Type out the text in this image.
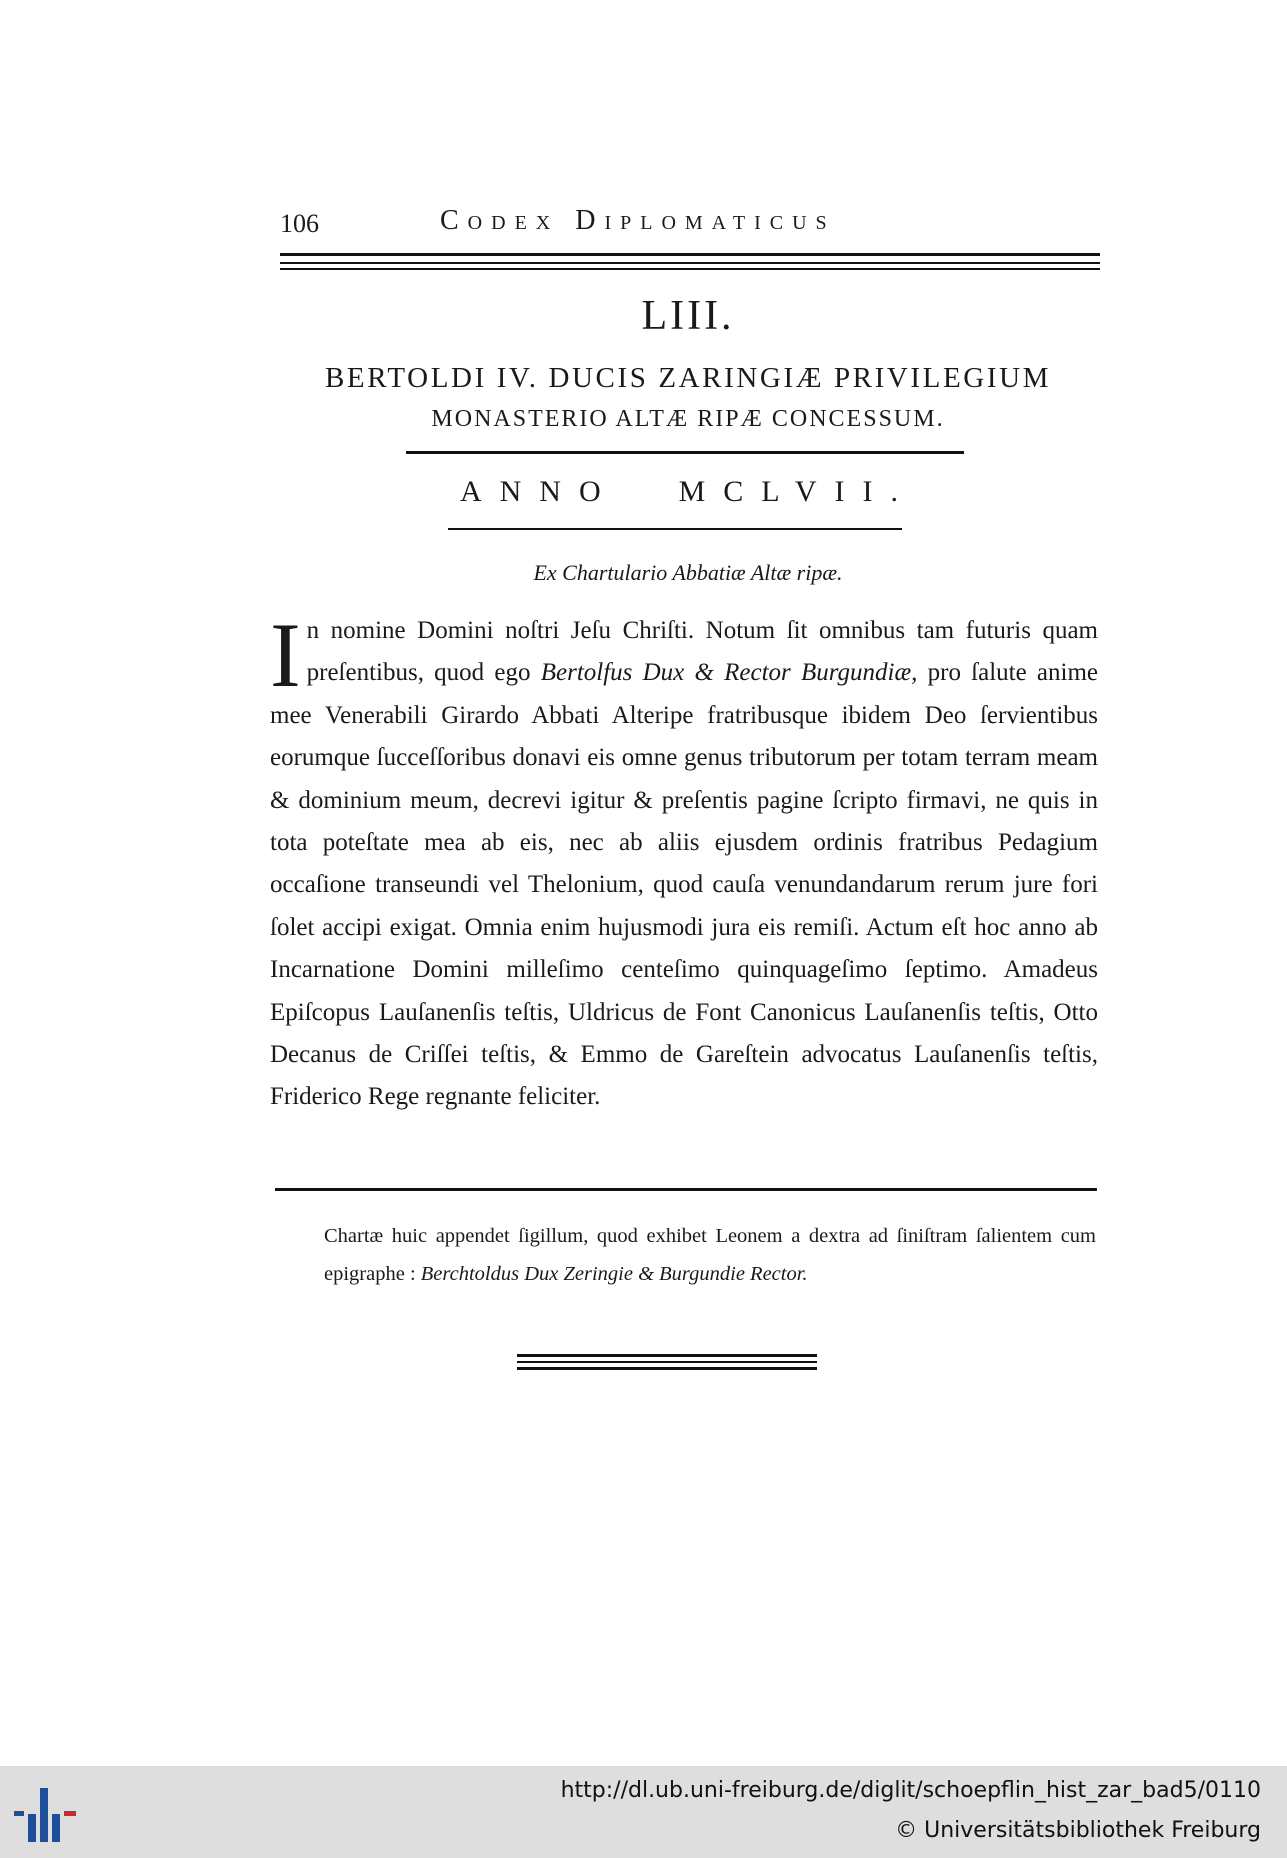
106	Codex Diplomaticus
LIII.
BERTOLDI IV. DUCIS ZARINGIÆ PRIVILEGIUM
MONASTERIO ALTÆ RIPÆ CONCESSUM.
ANNO MCLVII.
Ex Chartulario Abbatiæ Altæ ripæ.
In nomine Domini noſtri Jeſu Chriſti. Notum ſit omnibus tam futuris quam preſentibus, quod ego Bertolfus Dux & Rector Burgundiæ, pro ſalute anime mee Venerabili Girardo Abbati Alteripe fratribusque ibidem Deo ſervientibus eorumque ſucceſſoribus donavi eis omne genus tributorum per totam terram meam & dominium meum, decrevi igitur & preſentis pagine ſcripto firmavi, ne quis in tota poteſtate mea ab eis, nec ab aliis ejusdem ordinis fratribus Pedagium occaſione transeundi vel Thelonium, quod cauſa venundandarum rerum jure fori ſolet accipi exigat. Omnia enim hujusmodi jura eis remiſi. Actum eſt hoc anno ab Incarnatione Domini milleſimo centeſimo quinquageſimo ſeptimo. Amadeus Epiſcopus Lauſanenſis teſtis, Uldricus de Font Canonicus Lauſanenſis teſtis, Otto Decanus de Criſſei teſtis, & Emmo de Gareſtein advocatus Lauſanenſis teſtis, Friderico Rege regnante feliciter.
Chartæ huic appendet ſigillum, quod exhibet Leonem a dextra ad ſiniſtram ſalientem cum epigraphe : Berchtoldus Dux Zeringie & Burgundie Rector.
http://dl.ub.uni-freiburg.de/diglit/schoepflin_hist_zar_bad5/0110
© Universitätsbibliothek Freiburg
